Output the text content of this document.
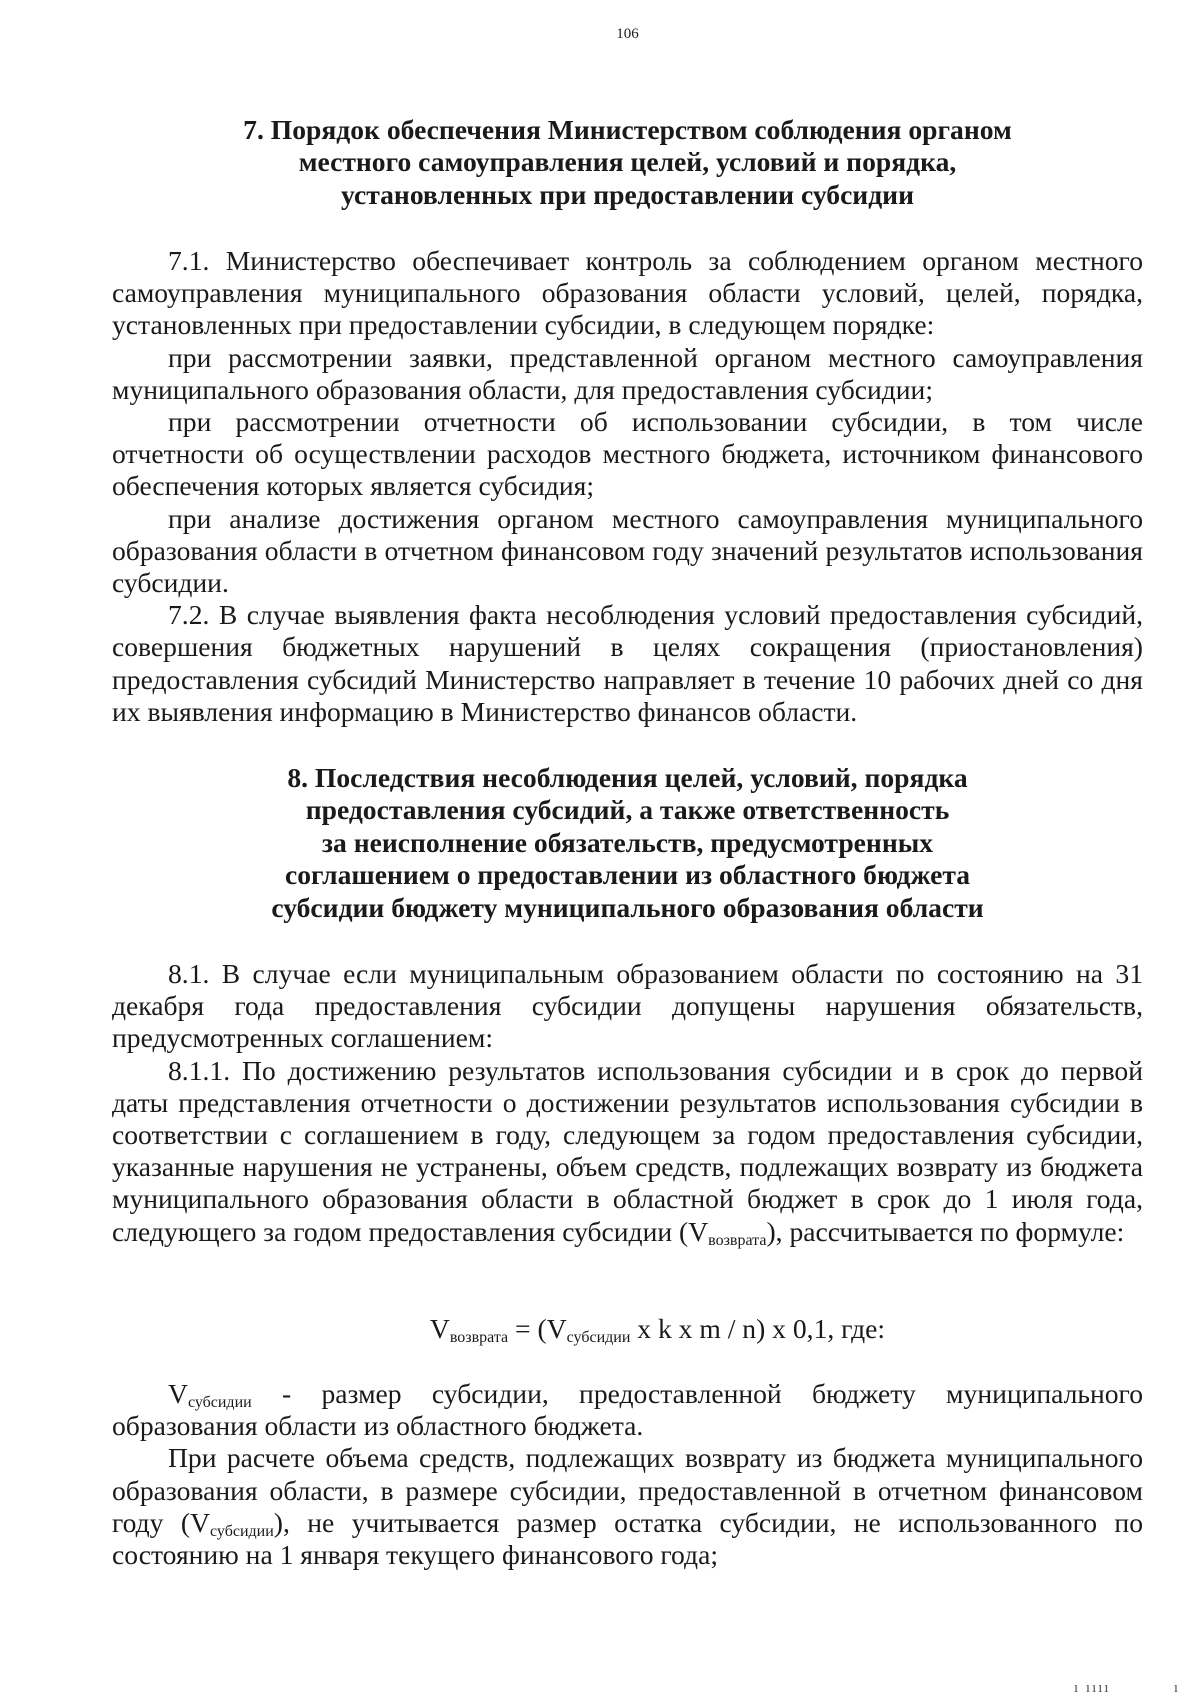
106

7. Порядок обеспечения Министерством соблюдения органом
местного самоуправления целей, условий и порядка,
установленных при предоставлении субсидии

7.1. Министерство обеспечивает контроль за соблюдением органом местного самоуправления муниципального образования области условий, целей, порядка, установленных при предоставлении субсидии, в следующем порядке:

при рассмотрении заявки, представленной органом местного самоуправления муниципального образования области, для предоставления субсидии;

при рассмотрении отчетности об использовании субсидии, в том числе отчетности об осуществлении расходов местного бюджета, источником финансового обеспечения которых является субсидия;

при анализе достижения органом местного самоуправления муниципального образования области в отчетном финансовом году значений результатов использования субсидии.

7.2. В случае выявления факта несоблюдения условий предоставления субсидий, совершения бюджетных нарушений в целях сокращения (приостановления) предоставления субсидий Министерство направляет в течение 10 рабочих дней со дня их выявления информацию в Министерство финансов области.

8. Последствия несоблюдения целей, условий, порядка
предоставления субсидий, а также ответственность
за неисполнение обязательств, предусмотренных
соглашением о предоставлении из областного бюджета
субсидии бюджету муниципального образования области

8.1. В случае если муниципальным образованием области по состоянию на 31 декабря года предоставления субсидии допущены нарушения обязательств, предусмотренных соглашением:

8.1.1. По достижению результатов использования субсидии и в срок до первой даты представления отчетности о достижении результатов использования субсидии в соответствии с соглашением в году, следующем за годом предоставления субсидии, указанные нарушения не устранены, объем средств, подлежащих возврату из бюджета муниципального образования области в областной бюджет в срок до 1 июля года, следующего за годом предоставления субсидии $(V_{возврата})$, рассчитывается по формуле:

$V_{возврата} = (V_{субсидии}$ x k x m / n) x 0,1, где:

$V_{субсидии}$ - размер субсидии, предоставленной бюджету муниципального образования области из областного бюджета.

При расчете объема средств, подлежащих возврату из бюджета муниципального образования области, в размере субсидии, предоставленной в отчетном финансовом году $(V_{субсидии})$, не учитывается размер остатка субсидии, не использованного по состоянию на 1 января текущего финансового года;

ı ıııı           ı
